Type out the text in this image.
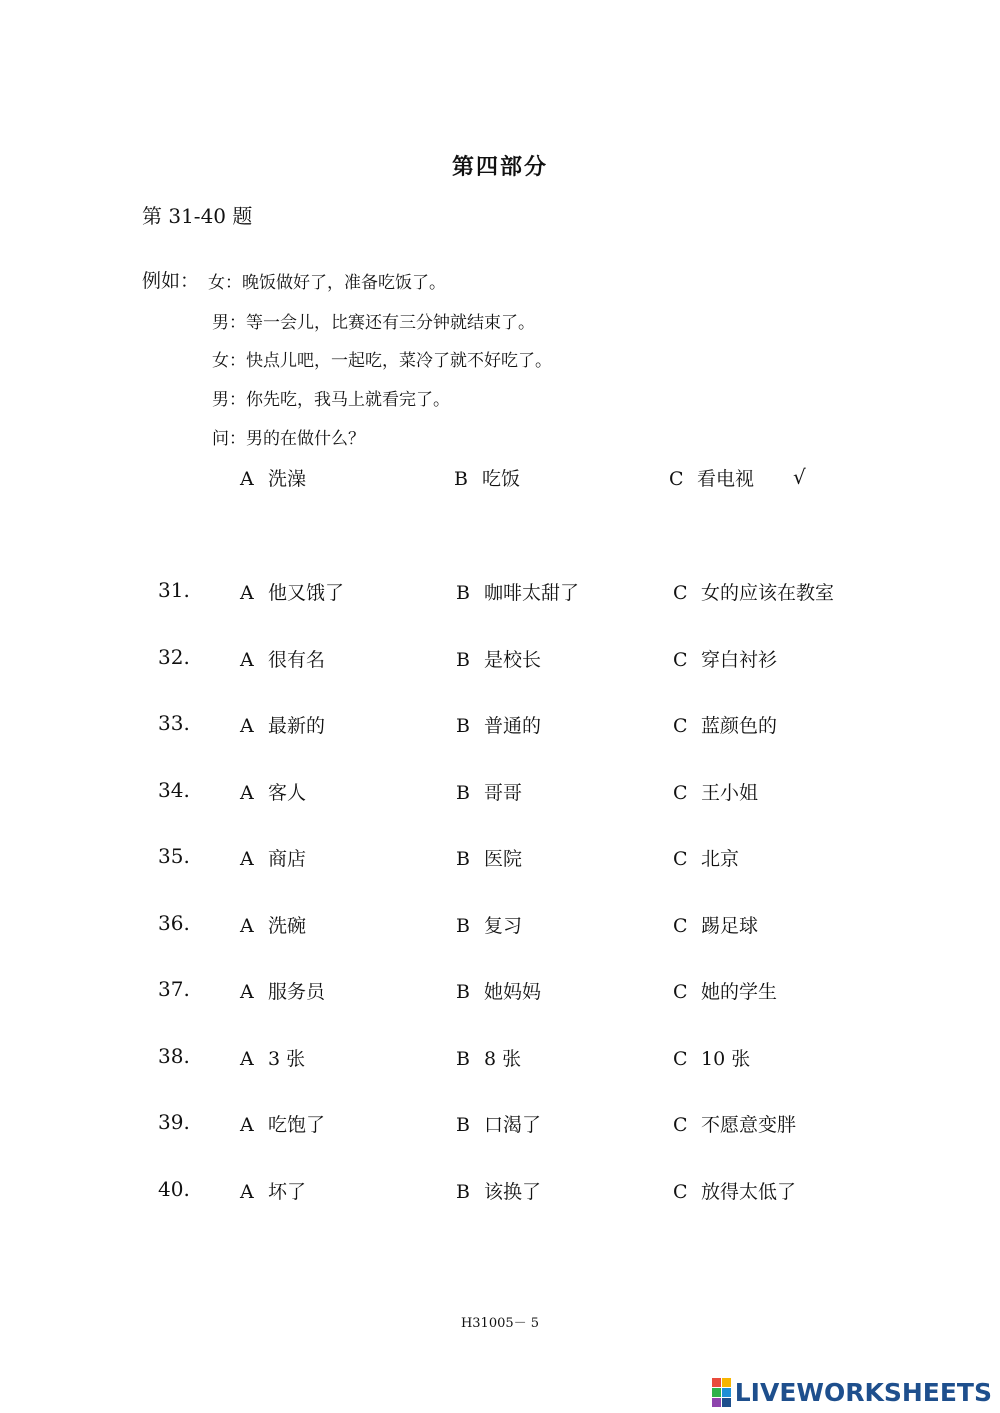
第四部分
第 31-40 题
例如： 女：晚饭做好了，准备吃饭了。
男：等一会儿，比赛还有三分钟就结束了。
女：快点儿吧，一起吃，菜冷了就不好吃了。
男：你先吃，我马上就看完了。
问：男的在做什么？
A 洗澡	B 吃饭	C 看电视 √
31.	A 他又饿了	B 咖啡太甜了	C 女的应该在教室
32.	A 很有名	B 是校长	C 穿白衬衫
33.	A 最新的	B 普通的	C 蓝颜色的
34.	A 客人	B 哥哥	C 王小姐
35.	A 商店	B 医院	C 北京
36.	A 洗碗	B 复习	C 踢足球
37.	A 服务员	B 她妈妈	C 她的学生
38.	A 3 张	B 8 张	C 10 张
39.	A 吃饱了	B 口渴了	C 不愿意变胖
40.	A 坏了	B 该换了	C 放得太低了
H31005－ 5
LIVEWORKSHEETS
